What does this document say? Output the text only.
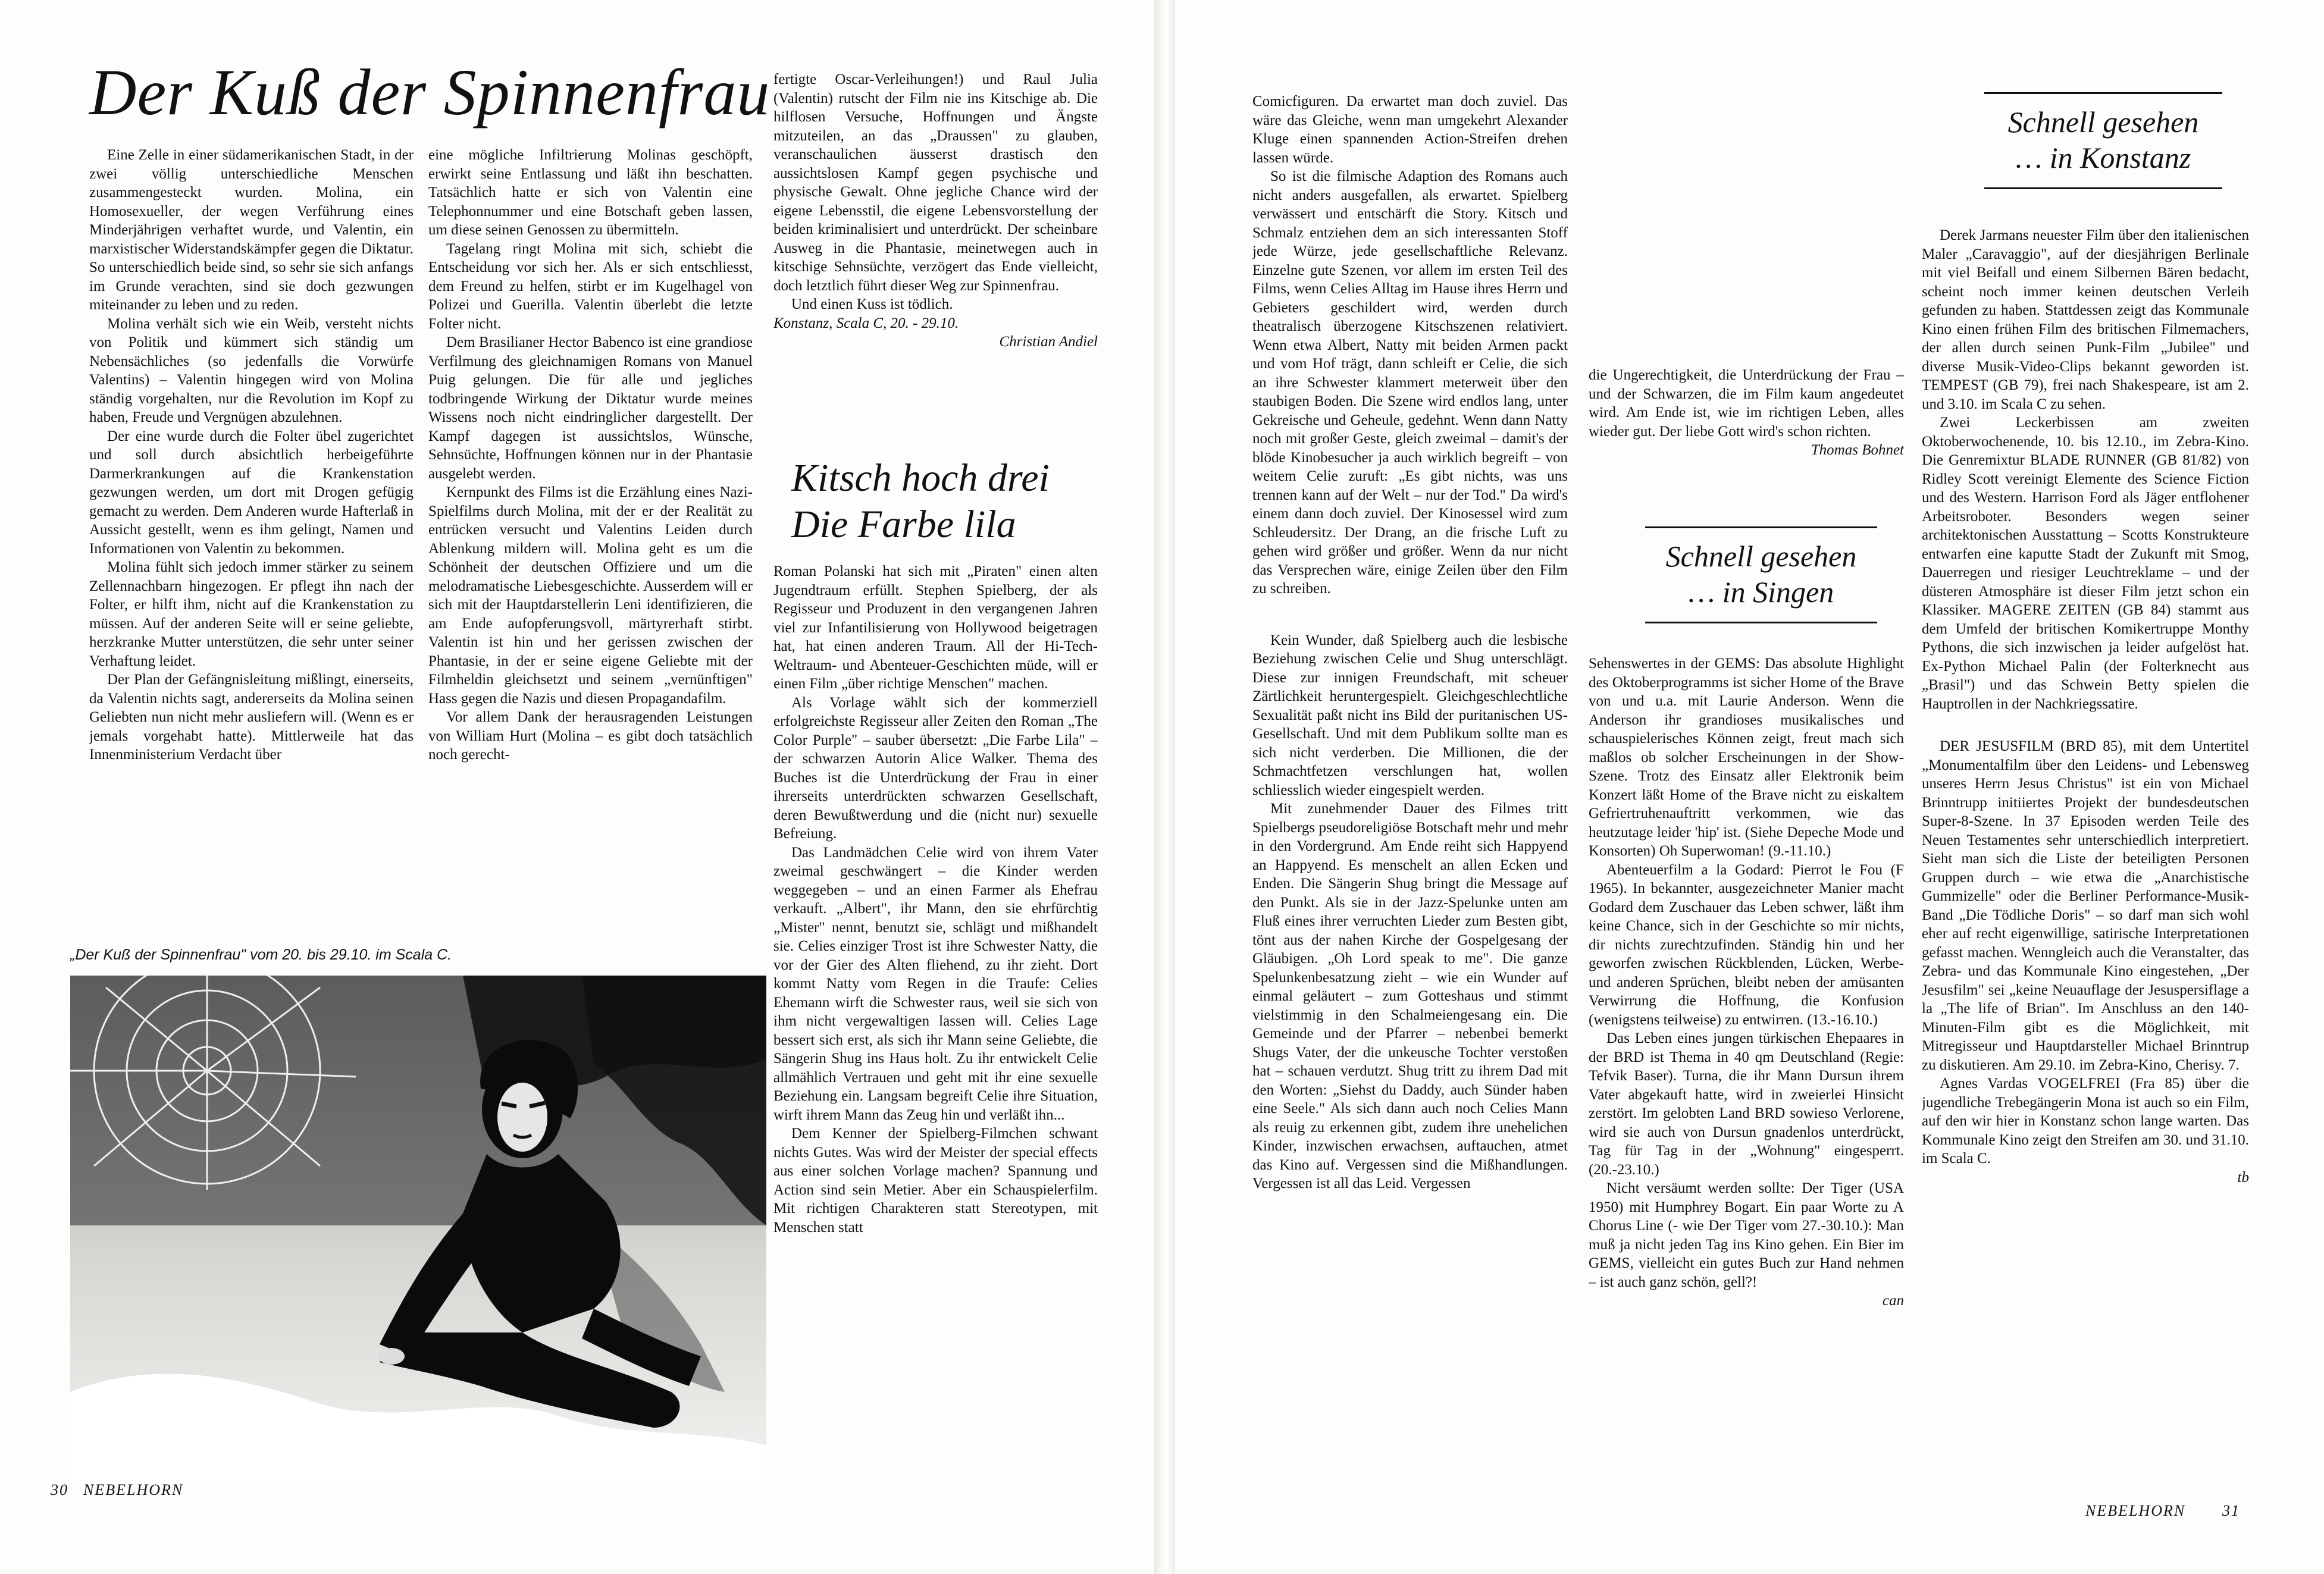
Der Kuß der Spinnenfrau

Eine Zelle in einer südamerikanischen Stadt, in der zwei völlig unterschiedliche Menschen zusammengesteckt wurden. Molina, ein Homosexueller, der wegen Verführung eines Minderjährigen verhaftet wurde, und Valentin, ein marxistischer Widerstandskämpfer gegen die Diktatur. So unterschiedlich beide sind, so sehr sie sich anfangs im Grunde verachten, sind sie doch gezwungen miteinander zu leben und zu reden.

Molina verhält sich wie ein Weib, versteht nichts von Politik und kümmert sich ständig um Nebensächliches (so jedenfalls die Vorwürfe Valentins) – Valentin hingegen wird von Molina ständig vorgehalten, nur die Revolution im Kopf zu haben, Freude und Vergnügen abzulehnen.

Der eine wurde durch die Folter übel zugerichtet und soll durch absichtlich herbeigeführte Darmerkrankungen auf die Krankenstation gezwungen werden, um dort mit Drogen gefügig gemacht zu werden. Dem Anderen wurde Hafterlaß in Aussicht gestellt, wenn es ihm gelingt, Namen und Informationen von Valentin zu bekommen.

Molina fühlt sich jedoch immer stärker zu seinem Zellennachbarn hingezogen. Er pflegt ihn nach der Folter, er hilft ihm, nicht auf die Krankenstation zu müssen. Auf der anderen Seite will er seine geliebte, herzkranke Mutter unterstützen, die sehr unter seiner Verhaftung leidet.

Der Plan der Gefängnisleitung mißlingt, einerseits, da Valentin nichts sagt, andererseits da Molina seinen Geliebten nun nicht mehr ausliefern will. (Wenn es er jemals vorgehabt hatte). Mittlerweile hat das Innenministerium Verdacht über

eine mögliche Infiltrierung Molinas geschöpft, erwirkt seine Entlassung und läßt ihn beschatten. Tatsächlich hatte er sich von Valentin eine Telephonnummer und eine Botschaft geben lassen, um diese seinen Genossen zu übermitteln.

Tagelang ringt Molina mit sich, schiebt die Entscheidung vor sich her. Als er sich entschliesst, dem Freund zu helfen, stirbt er im Kugelhagel von Polizei und Guerilla. Valentin überlebt die letzte Folter nicht.

Dem Brasilianer Hector Babenco ist eine grandiose Verfilmung des gleichnamigen Romans von Manuel Puig gelungen. Die für alle und jegliches todbringende Wirkung der Diktatur wurde meines Wissens noch nicht eindringlicher dargestellt. Der Kampf dagegen ist aussichtslos, Wünsche, Sehnsüchte, Hoffnungen können nur in der Phantasie ausgelebt werden.

Kernpunkt des Films ist die Erzählung eines Nazi-Spielfilms durch Molina, mit der er der Realität zu entrücken versucht und Valentins Leiden durch Ablenkung mildern will. Molina geht es um die Schönheit der deutschen Offiziere und um die melodramatische Liebesgeschichte. Ausserdem will er sich mit der Hauptdarstellerin Leni identifizieren, die am Ende aufopferungsvoll, märtyrerhaft stirbt. Valentin ist hin und her gerissen zwischen der Phantasie, in der er seine eigene Geliebte mit der Filmheldin gleichsetzt und seinem „vernünftigen" Hass gegen die Nazis und diesen Propagandafilm.

Vor allem Dank der herausragenden Leistungen von William Hurt (Molina – es gibt doch tatsächlich noch gerecht-

fertigte Oscar-Verleihungen!) und Raul Julia (Valentin) rutscht der Film nie ins Kitschige ab. Die hilflosen Versuche, Hoffnungen und Ängste mitzuteilen, an das „Draussen" zu glauben, veranschaulichen äusserst drastisch den aussichtslosen Kampf gegen psychische und physische Gewalt. Ohne jegliche Chance wird der eigene Lebensstil, die eigene Lebensvorstellung der beiden kriminalisiert und unterdrückt. Der scheinbare Ausweg in die Phantasie, meinetwegen auch in kitschige Sehnsüchte, verzögert das Ende vielleicht, doch letztlich führt dieser Weg zur Spinnenfrau.

Und einen Kuss ist tödlich.

Konstanz, Scala C, 20. - 29.10.

Christian Andiel

Kitsch hoch drei
Die Farbe lila

Roman Polanski hat sich mit „Piraten" einen alten Jugendtraum erfüllt. Stephen Spielberg, der als Regisseur und Produzent in den vergangenen Jahren viel zur Infantilisierung von Hollywood beigetragen hat, hat einen anderen Traum. All der Hi-Tech-Weltraum- und Abenteuer-Geschichten müde, will er einen Film „über richtige Menschen" machen.

Als Vorlage wählt sich der kommerziell erfolgreichste Regisseur aller Zeiten den Roman „The Color Purple" – sauber übersetzt: „Die Farbe Lila" – der schwarzen Autorin Alice Walker. Thema des Buches ist die Unterdrückung der Frau in einer ihrerseits unterdrückten schwarzen Gesellschaft, deren Bewußtwerdung und die (nicht nur) sexuelle Befreiung.

Das Landmädchen Celie wird von ihrem Vater zweimal geschwängert – die Kinder werden weggegeben – und an einen Farmer als Ehefrau verkauft. „Albert", ihr Mann, den sie ehrfürchtig „Mister" nennt, benutzt sie, schlägt und mißhandelt sie. Celies einziger Trost ist ihre Schwester Natty, die vor der Gier des Alten fliehend, zu ihr zieht. Dort kommt Natty vom Regen in die Traufe: Celies Ehemann wirft die Schwester raus, weil sie sich von ihm nicht vergewaltigen lassen will. Celies Lage bessert sich erst, als sich ihr Mann seine Geliebte, die Sängerin Shug ins Haus holt. Zu ihr entwickelt Celie allmählich Vertrauen und geht mit ihr eine sexuelle Beziehung ein. Langsam begreift Celie ihre Situation, wirft ihrem Mann das Zeug hin und verläßt ihn...

Dem Kenner der Spielberg-Filmchen schwant nichts Gutes. Was wird der Meister der special effects aus einer solchen Vorlage machen? Spannung und Action sind sein Metier. Aber ein Schauspielerfilm. Mit richtigen Charakteren statt Stereotypen, mit Menschen statt

„Der Kuß der Spinnenfrau" vom 20. bis 29.10. im Scala C.
30 NEBELHORN

Comicfiguren. Da erwartet man doch zuviel. Das wäre das Gleiche, wenn man umgekehrt Alexander Kluge einen spannenden Action-Streifen drehen lassen würde.

So ist die filmische Adaption des Romans auch nicht anders ausgefallen, als erwartet. Spielberg verwässert und entschärft die Story. Kitsch und Schmalz entziehen dem an sich interessanten Stoff jede Würze, jede gesellschaftliche Relevanz. Einzelne gute Szenen, vor allem im ersten Teil des Films, wenn Celies Alltag im Hause ihres Herrn und Gebieters geschildert wird, werden durch theatralisch überzogene Kitschszenen relativiert. Wenn etwa Albert, Natty mit beiden Armen packt und vom Hof trägt, dann schleift er Celie, die sich an ihre Schwester klammert meterweit über den staubigen Boden. Die Szene wird endlos lang, unter Gekreische und Geheule, gedehnt. Wenn dann Natty noch mit großer Geste, gleich zweimal – damit's der blöde Kinobesucher ja auch wirklich begreift – von weitem Celie zuruft: „Es gibt nichts, was uns trennen kann auf der Welt – nur der Tod." Da wird's einem dann doch zuviel. Der Kinosessel wird zum Schleudersitz. Der Drang, an die frische Luft zu gehen wird größer und größer. Wenn da nur nicht das Versprechen wäre, einige Zeilen über den Film zu schreiben.

Kein Wunder, daß Spielberg auch die lesbische Beziehung zwischen Celie und Shug unterschlägt. Diese zur innigen Freundschaft, mit scheuer Zärtlichkeit heruntergespielt. Gleichgeschlechtliche Sexualität paßt nicht ins Bild der puritanischen US-Gesellschaft. Und mit dem Publikum sollte man es sich nicht verderben. Die Millionen, die der Schmachtfetzen verschlungen hat, wollen schliesslich wieder eingespielt werden.

Mit zunehmender Dauer des Filmes tritt Spielbergs pseudoreligiöse Botschaft mehr und mehr in den Vordergrund. Am Ende reiht sich Happyend an Happyend. Es menschelt an allen Ecken und Enden. Die Sängerin Shug bringt die Message auf den Punkt. Als sie in der Jazz-Spelunke unten am Fluß eines ihrer verruchten Lieder zum Besten gibt, tönt aus der nahen Kirche der Gospelgesang der Gläubigen. „Oh Lord speak to me". Die ganze Spelunkenbesatzung zieht – wie ein Wunder auf einmal geläutert – zum Gotteshaus und stimmt vielstimmig in den Schalmeiengesang ein. Die Gemeinde und der Pfarrer – nebenbei bemerkt Shugs Vater, der die unkeusche Tochter verstoßen hat – schauen verdutzt. Shug tritt zu ihrem Dad mit den Worten: „Siehst du Daddy, auch Sünder haben eine Seele." Als sich dann auch noch Celies Mann als reuig zu erkennen gibt, zudem ihre unehelichen Kinder, inzwischen erwachsen, auftauchen, atmet das Kino auf. Vergessen sind die Mißhandlungen. Vergessen ist all das Leid. Vergessen

die Ungerechtigkeit, die Unterdrückung der Frau – und der Schwarzen, die im Film kaum angedeutet wird. Am Ende ist, wie im richtigen Leben, alles wieder gut. Der liebe Gott wird's schon richten.

Thomas Bohnet

Schnell gesehen
… in Singen

Sehenswertes in der GEMS: Das absolute Highlight des Oktoberprogramms ist sicher Home of the Brave von und u.a. mit Laurie Anderson. Wenn die Anderson ihr grandioses musikalisches und schauspielerisches Können zeigt, freut mach sich maßlos ob solcher Erscheinungen in der Show-Szene. Trotz des Einsatz aller Elektronik beim Konzert läßt Home of the Brave nicht zu eiskaltem Gefriertruhenauftritt verkommen, wie das heutzutage leider 'hip' ist. (Siehe Depeche Mode und Konsorten) Oh Superwoman! (9.-11.10.)

Abenteuerfilm a la Godard: Pierrot le Fou (F 1965). In bekannter, ausgezeichneter Manier macht Godard dem Zuschauer das Leben schwer, läßt ihm keine Chance, sich in der Geschichte so mir nichts, dir nichts zurechtzufinden. Ständig hin und her geworfen zwischen Rückblenden, Lücken, Werbe- und anderen Sprüchen, bleibt neben der amüsanten Verwirrung die Hoffnung, die Konfusion (wenigstens teilweise) zu entwirren. (13.-16.10.)

Das Leben eines jungen türkischen Ehepaares in der BRD ist Thema in 40 qm Deutschland (Regie: Tefvik Baser). Turna, die ihr Mann Dursun ihrem Vater abgekauft hatte, wird in zweierlei Hinsicht zerstört. Im gelobten Land BRD sowieso Verlorene, wird sie auch von Dursun gnadenlos unterdrückt, Tag für Tag in der „Wohnung" eingesperrt. (20.-23.10.)

Nicht versäumt werden sollte: Der Tiger (USA 1950) mit Humphrey Bogart. Ein paar Worte zu A Chorus Line (- wie Der Tiger vom 27.-30.10.): Man muß ja nicht jeden Tag ins Kino gehen. Ein Bier im GEMS, vielleicht ein gutes Buch zur Hand nehmen – ist auch ganz schön, gell?!

can

Schnell gesehen
… in Konstanz

Derek Jarmans neuester Film über den italienischen Maler „Caravaggio", auf der diesjährigen Berlinale mit viel Beifall und einem Silbernen Bären bedacht, scheint noch immer keinen deutschen Verleih gefunden zu haben. Stattdessen zeigt das Kommunale Kino einen frühen Film des britischen Filmemachers, der allen durch seinen Punk-Film „Jubilee" und diverse Musik-Video-Clips bekannt geworden ist. TEMPEST (GB 79), frei nach Shakespeare, ist am 2. und 3.10. im Scala C zu sehen.

Zwei Leckerbissen am zweiten Oktoberwochenende, 10. bis 12.10., im Zebra-Kino. Die Genremixtur BLADE RUNNER (GB 81/82) von Ridley Scott vereinigt Elemente des Science Fiction und des Western. Harrison Ford als Jäger entflohener Arbeitsroboter. Besonders wegen seiner architektonischen Ausstattung – Scotts Konstrukteure entwarfen eine kaputte Stadt der Zukunft mit Smog, Dauerregen und riesiger Leuchtreklame – und der düsteren Atmosphäre ist dieser Film jetzt schon ein Klassiker. MAGERE ZEITEN (GB 84) stammt aus dem Umfeld der britischen Komikertruppe Monthy Pythons, die sich inzwischen ja leider aufgelöst hat. Ex-Python Michael Palin (der Folterknecht aus „Brasil") und das Schwein Betty spielen die Hauptrollen in der Nachkriegssatire.

DER JESUSFILM (BRD 85), mit dem Untertitel „Monumentalfilm über den Leidens- und Lebensweg unseres Herrn Jesus Christus" ist ein von Michael Brinntrupp initiiertes Projekt der bundesdeutschen Super-8-Szene. In 37 Episoden werden Teile des Neuen Testamentes sehr unterschiedlich interpretiert. Sieht man sich die Liste der beteiligten Personen Gruppen durch – wie etwa die „Anarchistische Gummizelle" oder die Berliner Performance-Musik-Band „Die Tödliche Doris" – so darf man sich wohl eher auf recht eigenwillige, satirische Interpretationen gefasst machen. Wenngleich auch die Veranstalter, das Zebra- und das Kommunale Kino eingestehen, „Der Jesusfilm" sei „keine Neuauflage der Jesuspersiflage a la „The life of Brian". Im Anschluss an den 140-Minuten-Film gibt es die Möglichkeit, mit Mitregisseur und Hauptdarsteller Michael Brinntrup zu diskutieren. Am 29.10. im Zebra-Kino, Cherisy. 7.

Agnes Vardas VOGELFREI (Fra 85) über die jugendliche Trebegängerin Mona ist auch so ein Film, auf den wir hier in Konstanz schon lange warten. Das Kommunale Kino zeigt den Streifen am 30. und 31.10. im Scala C.

tb

NEBELHORN 31
